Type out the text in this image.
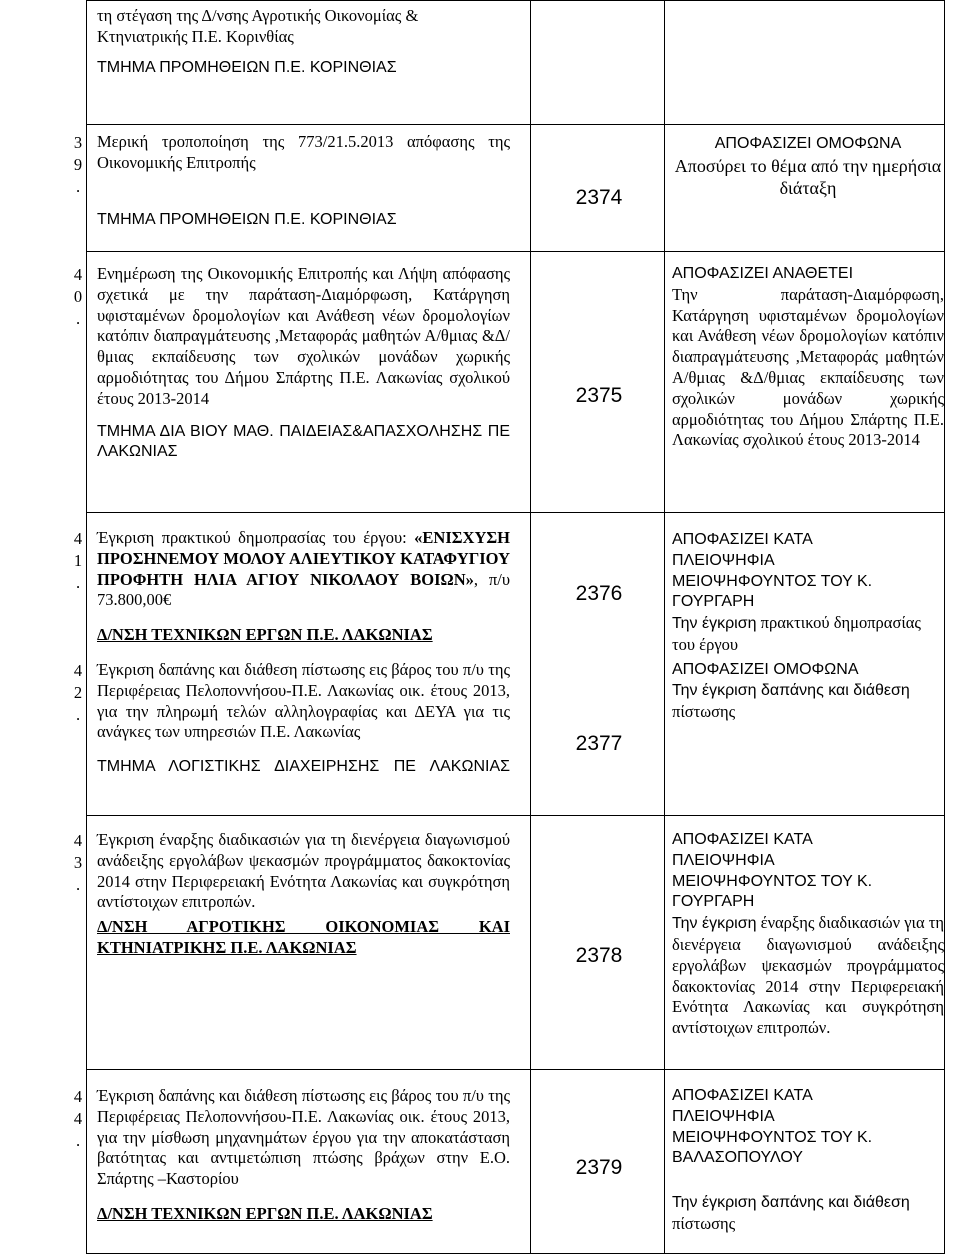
τη στέγαση της Δ/νσης Αγροτικής Οικονομίας &

Κτηνιατρικής Π.Ε. Κορινθίας

ΤΜΗΜΑ ΠΡΟΜΗΘΕΙΩΝ Π.Ε. ΚΟΡΙΝΘΙΑΣ

3
9
.

Μερική τροποποίηση της 773/21.5.2013 απόφασης της Οικονομικής Επιτροπής

ΤΜΗΜΑ ΠΡΟΜΗΘΕΙΩΝ Π.Ε. ΚΟΡΙΝΘΙΑΣ

2374

ΑΠΟΦΑΣΙΖΕΙ ΟΜΟΦΩΝΑ

Αποσύρει το θέμα από την ημερήσια διάταξη

4
0
.

Ενημέρωση της Οικονομικής Επιτροπής και Λήψη απόφασης σχετικά με την παράταση-Διαμόρφωση, Κατάργηση υφισταμένων δρομολογίων και Ανάθεση νέων δρομολογίων κατόπιν διαπραγμάτευσης ,Μεταφοράς μαθητών Α/θμιας &Δ/θμιας εκπαίδευσης των σχολικών μονάδων χωρικής αρμοδιότητας του Δήμου Σπάρτης Π.Ε. Λακωνίας σχολικού έτους 2013-2014

ΤΜΗΜΑ ΔΙΑ ΒΙΟΥ ΜΑΘ. ΠΑΙΔΕΙΑΣ&ΑΠΑΣΧΟΛΗΣΗΣ ΠΕ ΛΑΚΩΝΙΑΣ

2375

ΑΠΟΦΑΣΙΖΕΙ ΑΝΑΘΕΤΕΙ

Την παράταση-Διαμόρφωση, Κατάργηση υφισταμένων δρομολογίων και Ανάθεση νέων δρομολογίων κατόπιν διαπραγμάτευσης ,Μεταφοράς μαθητών Α/θμιας &Δ/θμιας εκπαίδευσης των σχολικών μονάδων χωρικής αρμοδιότητας του Δήμου Σπάρτης Π.Ε. Λακωνίας σχολικού έτους 2013-2014

4
1
.

Έγκριση πρακτικού δημοπρασίας του έργου: «ΕΝΙΣΧΥΣΗ ΠΡΟΣΗΝΕΜΟΥ ΜΟΛΟΥ ΑΛΙΕΥΤΙΚΟΥ ΚΑΤΑΦΥΓΙΟΥ ΠΡΟΦΗΤΗ ΗΛΙΑ ΑΓΙΟΥ ΝΙΚΟΛΑΟΥ ΒΟΙΩΝ», π/υ 73.800,00€

Δ/ΝΣΗ ΤΕΧΝΙΚΩΝ ΕΡΓΩΝ Π.Ε. ΛΑΚΩΝΙΑΣ

2376

ΑΠΟΦΑΣΙΖΕΙ ΚΑΤΑ ΠΛΕΙΟΨΗΦΙΑ ΜΕΙΟΨΗΦΟΥΝΤΟΣ ΤΟΥ Κ. ΓΟΥΡΓΑΡΗ

Την έγκριση πρακτικού δημοπρασίας του έργου

4
2
.

Έγκριση δαπάνης και διάθεση πίστωσης εις βάρος του π/υ της Περιφέρειας Πελοποννήσου-Π.Ε. Λακωνίας οικ. έτους 2013, για την πληρωμή τελών αλληλογραφίας και ΔΕΥΑ για τις ανάγκες των υπηρεσιών Π.Ε. Λακωνίας

ΤΜΗΜΑ ΛΟΓΙΣΤΙΚΗΣ ΔΙΑΧΕΙΡΗΣΗΣ ΠΕ ΛΑΚΩΝΙΑΣ

2377

ΑΠΟΦΑΣΙΖΕΙ ΟΜΟΦΩΝΑ

Την έγκριση δαπάνης και διάθεση

πίστωσης

4
3
.

Έγκριση έναρξης διαδικασιών για τη διενέργεια διαγωνισμού ανάδειξης εργολάβων ψεκασμών προγράμματος δακοκτονίας 2014 στην Περιφερειακή Ενότητα Λακωνίας και συγκρότηση αντίστοιχων επιτροπών.

Δ/ΝΣΗ ΑΓΡΟΤΙΚΗΣ ΟΙΚΟΝΟΜΙΑΣ ΚΑΙ ΚΤΗΝΙΑΤΡΙΚΗΣ Π.Ε. ΛΑΚΩΝΙΑΣ	2378

ΑΠΟΦΑΣΙΖΕΙ ΚΑΤΑ ΠΛΕΙΟΨΗΦΙΑ ΜΕΙΟΨΗΦΟΥΝΤΟΣ ΤΟΥ Κ. ΓΟΥΡΓΑΡΗ

Την έγκριση έναρξης διαδικασιών για τη διενέργεια διαγωνισμού ανάδειξης εργολάβων ψεκασμών προγράμματος δακοκτονίας 2014 στην Περιφερειακή Ενότητα Λακωνίας και συγκρότηση αντίστοιχων επιτροπών.

4
4
.

Έγκριση δαπάνης και διάθεση πίστωσης εις βάρος του π/υ της Περιφέρειας Πελοποννήσου-Π.Ε. Λακωνίας οικ. έτους 2013, για την μίσθωση μηχανημάτων έργου για την αποκατάσταση βατότητας και αντιμετώπιση πτώσης βράχων στην Ε.Ο. Σπάρτης –Καστορίου

Δ/ΝΣΗ ΤΕΧΝΙΚΩΝ ΕΡΓΩΝ Π.Ε. ΛΑΚΩΝΙΑΣ

2379

ΑΠΟΦΑΣΙΖΕΙ ΚΑΤΑ ΠΛΕΙΟΨΗΦΙΑ ΜΕΙΟΨΗΦΟΥΝΤΟΣ ΤΟΥ Κ. ΒΑΛΑΣΟΠΟΥΛΟΥ

Την έγκριση δαπάνης και διάθεση

πίστωσης
